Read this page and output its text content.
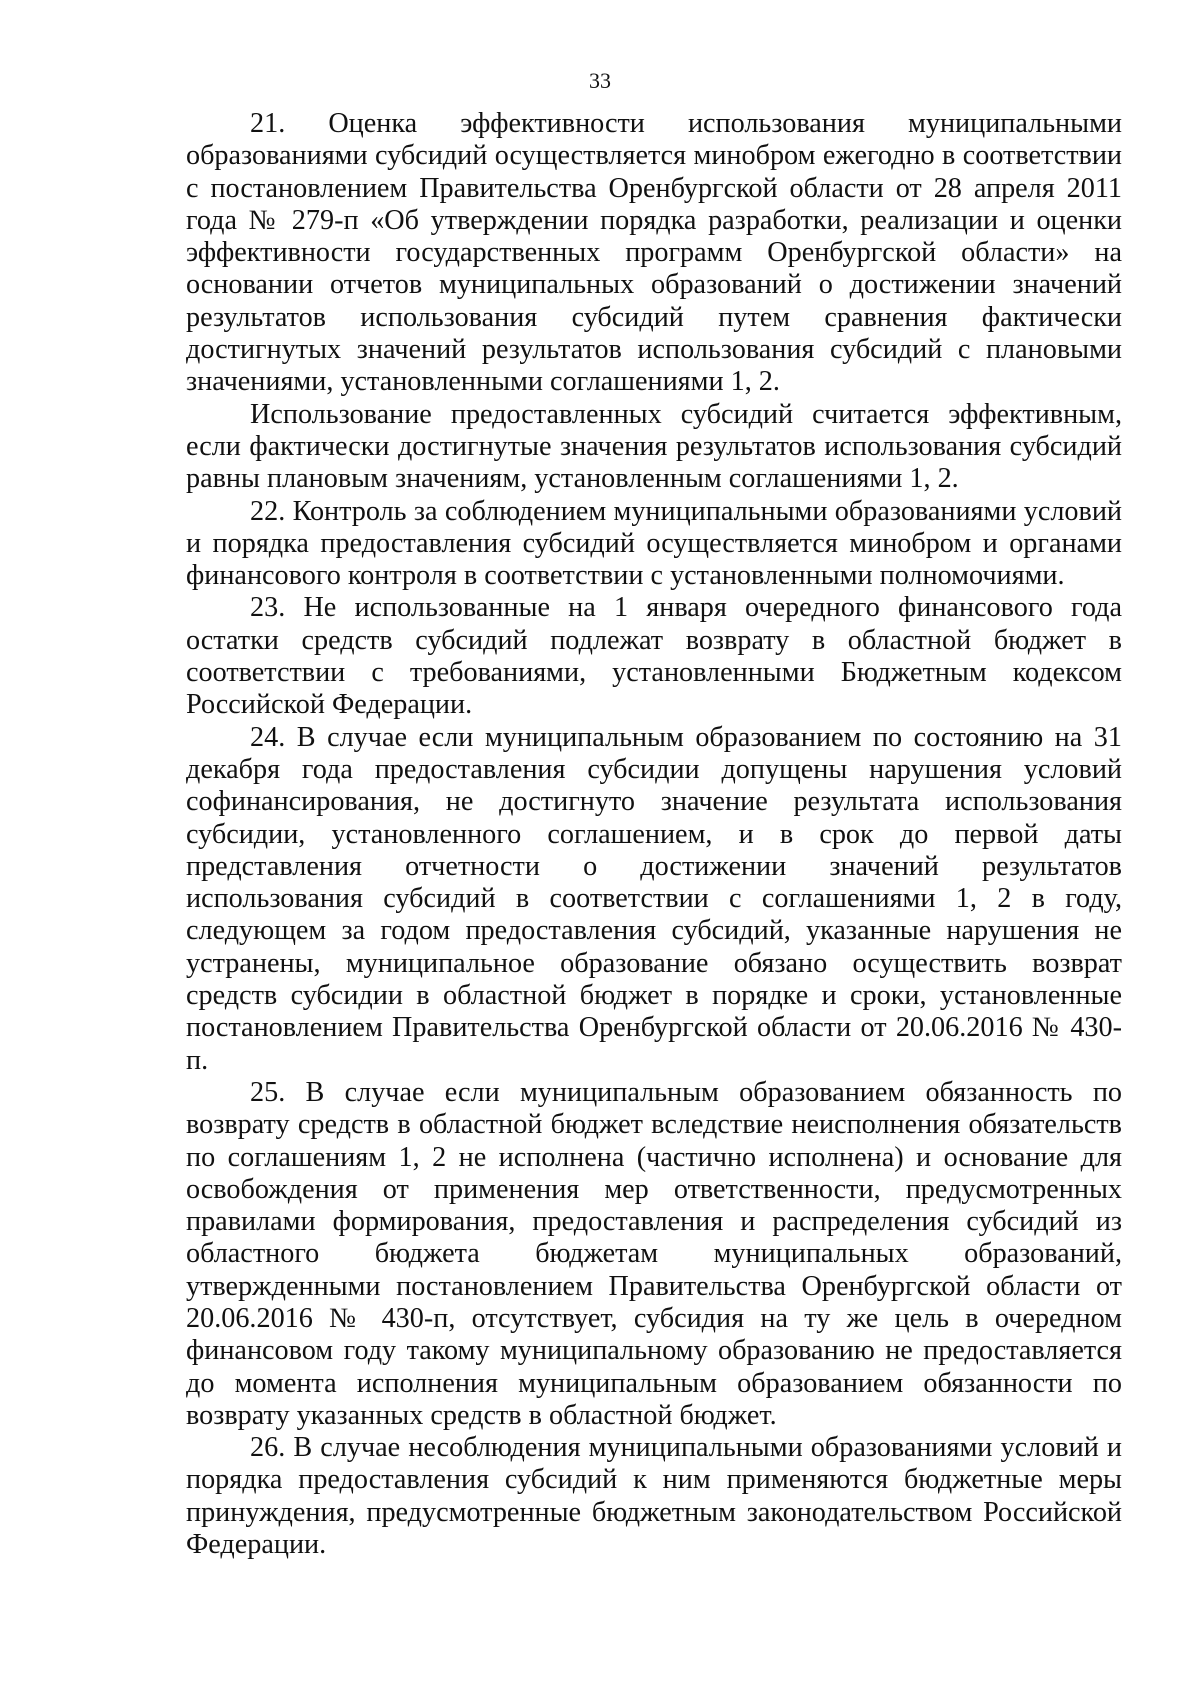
33

21. Оценка эффективности использования муниципальными образованиями субсидий осуществляется минобром ежегодно в соответствии с постановлением Правительства Оренбургской области от 28 апреля 2011 года № 279-п «Об утверждении порядка разработки, реализации и оценки эффективности государственных программ Оренбургской области» на основании отчетов муниципальных образований о достижении значений результатов использования субсидий путем сравнения фактически достигнутых значений результатов использования субсидий с плановыми значениями, установленными соглашениями 1, 2.

Использование предоставленных субсидий считается эффективным, если фактически достигнутые значения результатов использования субсидий равны плановым значениям, установленным соглашениями 1, 2.

22. Контроль за соблюдением муниципальными образованиями условий и порядка предоставления субсидий осуществляется минобром и органами финансового контроля в соответствии с установленными полномочиями.

23. Не использованные на 1 января очередного финансового года остатки средств субсидий подлежат возврату в областной бюджет в соответствии с требованиями, установленными Бюджетным кодексом Российской Федерации.

24. В случае если муниципальным образованием по состоянию на 31 декабря года предоставления субсидии допущены нарушения условий софинансирования, не достигнуто значение результата использования субсидии, установленного соглашением, и в срок до первой даты представления отчетности о достижении значений результатов использования субсидий в соответствии с соглашениями 1, 2 в году, следующем за годом предоставления субсидий, указанные нарушения не устранены, муниципальное образование обязано осуществить возврат средств субсидии в областной бюджет в порядке и сроки, установленные постановлением Правительства Оренбургской области от 20.06.2016 № 430-п.

25. В случае если муниципальным образованием обязанность по возврату средств в областной бюджет вследствие неисполнения обязательств по соглашениям 1, 2 не исполнена (частично исполнена) и основание для освобождения от применения мер ответственности, предусмотренных правилами формирования, предоставления и распределения субсидий из областного бюджета бюджетам муниципальных образований, утвержденными постановлением Правительства Оренбургской области от 20.06.2016 № 430-п, отсутствует, субсидия на ту же цель в очередном финансовом году такому муниципальному образованию не предоставляется до момента исполнения муниципальным образованием обязанности по возврату указанных средств в областной бюджет.

26. В случае несоблюдения муниципальными образованиями условий и порядка предоставления субсидий к ним применяются бюджетные меры принуждения, предусмотренные бюджетным законодательством Российской Федерации.
